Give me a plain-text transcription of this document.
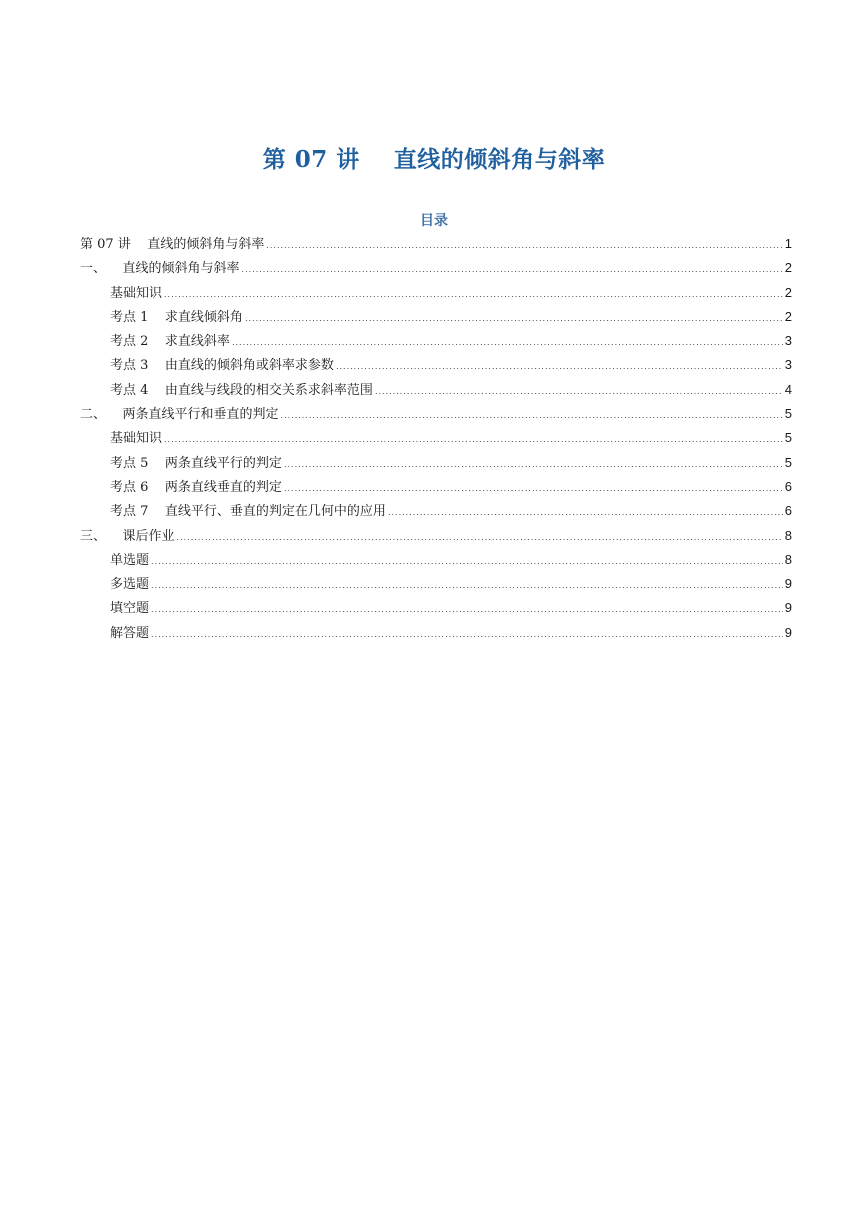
第 07 讲    直线的倾斜角与斜率
目录
第 07 讲    直线的倾斜角与斜率 .....	1
一、    直线的倾斜角与斜率 .....	2
基础知识 .....	2
考点 1    求直线倾斜角 .....	2
考点 2    求直线斜率 .....	3
考点 3    由直线的倾斜角或斜率求参数 .....	3
考点 4    由直线与线段的相交关系求斜率范围 .....	4
二、    两条直线平行和垂直的判定 .....	5
基础知识 .....	5
考点 5    两条直线平行的判定 .....	5
考点 6    两条直线垂直的判定 .....	6
考点 7    直线平行、垂直的判定在几何中的应用 .....	6
三、    课后作业 .....	8
单选题 .....	8
多选题 .....	9
填空题 .....	9
解答题 .....	9
